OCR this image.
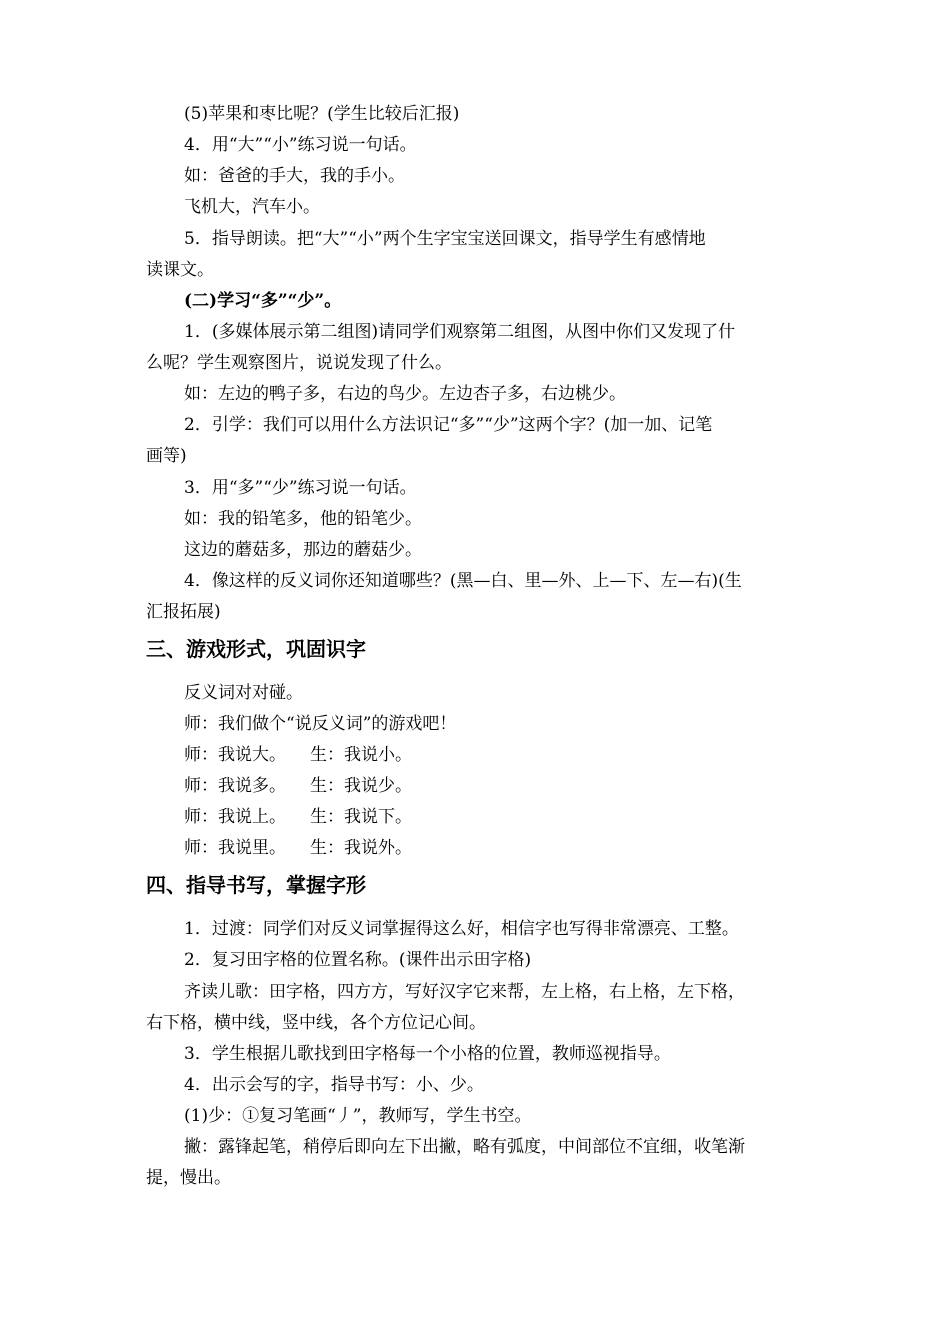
(5)苹果和枣比呢？(学生比较后汇报)
4．用“大”“小”练习说一句话。
如：爸爸的手大，我的手小。
飞机大，汽车小。
5．指导朗读。把“大”“小”两个生字宝宝送回课文，指导学生有感情地
读课文。
(二)学习“多”“少”。
1．(多媒体展示第二组图)请同学们观察第二组图，从图中你们又发现了什
么呢？学生观察图片，说说发现了什么。
如：左边的鸭子多，右边的鸟少。左边杏子多，右边桃少。
2．引学：我们可以用什么方法识记“多”“少”这两个字？(加一加、记笔
画等)
3．用“多”“少”练习说一句话。
如：我的铅笔多，他的铅笔少。
这边的蘑菇多，那边的蘑菇少。
4．像这样的反义词你还知道哪些？(黑—白、里—外、上—下、左—右)(生
汇报拓展)
三、游戏形式，巩固识字
反义词对对碰。
师：我们做个“说反义词”的游戏吧！
师：我说大。 生：我说小。
师：我说多。 生：我说少。
师：我说上。 生：我说下。
师：我说里。 生：我说外。
四、指导书写，掌握字形
1．过渡：同学们对反义词掌握得这么好，相信字也写得非常漂亮、工整。
2．复习田字格的位置名称。(课件出示田字格)
齐读儿歌：田字格，四方方，写好汉字它来帮，左上格，右上格，左下格，
右下格，横中线，竖中线，各个方位记心间。
3．学生根据儿歌找到田字格每一个小格的位置，教师巡视指导。
4．出示会写的字，指导书写：小、少。
(1)少：①复习笔画“丿”，教师写，学生书空。
撇：露锋起笔，稍停后即向左下出撇，略有弧度，中间部位不宜细，收笔渐
提，慢出。
